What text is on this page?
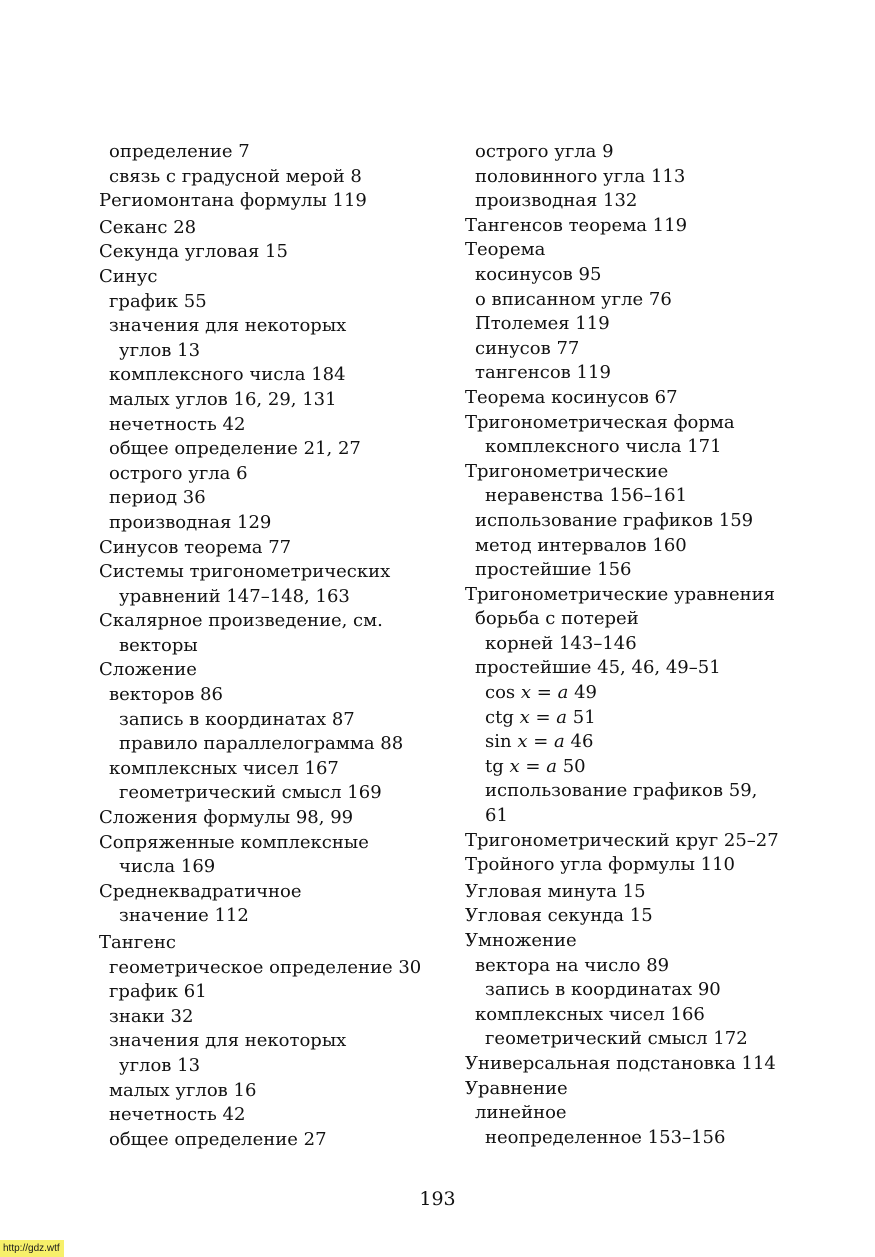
определение 7
связь с градусной мерой 8
Региомонтана формулы 119
Секанс 28
Секунда угловая 15
Синус
график 55
значения для некоторых
углов 13
комплексного числа 184
малых углов 16, 29, 131
нечетность 42
общее определение 21, 27
острого угла 6
период 36
производная 129
Синусов теорема 77
Системы тригонометрических
уравнений 147–148, 163
Скалярное произведение, см.
векторы
Сложение
векторов 86
запись в координатах 87
правило параллелограмма 88
комплексных чисел 167
геометрический смысл 169
Сложения формулы 98, 99
Сопряженные комплексные
числа 169
Среднеквадратичное
значение 112
Тангенс
геометрическое определение 30
график 61
знаки 32
значения для некоторых
углов 13
малых углов 16
нечетность 42
общее определение 27
острого угла 9
половинного угла 113
производная 132
Тангенсов теорема 119
Теорема
косинусов 95
о вписанном угле 76
Птолемея 119
синусов 77
тангенсов 119
Теорема косинусов 67
Тригонометрическая форма
комплексного числа 171
Тригонометрические
неравенства 156–161
использование графиков 159
метод интервалов 160
простейшие 156
Тригонометрические уравнения
борьба с потерей
корней 143–146
простейшие 45, 46, 49–51
cos x = a 49
ctg x = a 51
sin x = a 46
tg x = a 50
использование графиков 59,
61
Тригонометрический круг 25–27
Тройного угла формулы 110
Угловая минута 15
Угловая секунда 15
Умножение
вектора на число 89
запись в координатах 90
комплексных чисел 166
геометрический смысл 172
Универсальная подстановка 114
Уравнение
линейное
неопределенное 153–156
193
http://gdz.wtf
